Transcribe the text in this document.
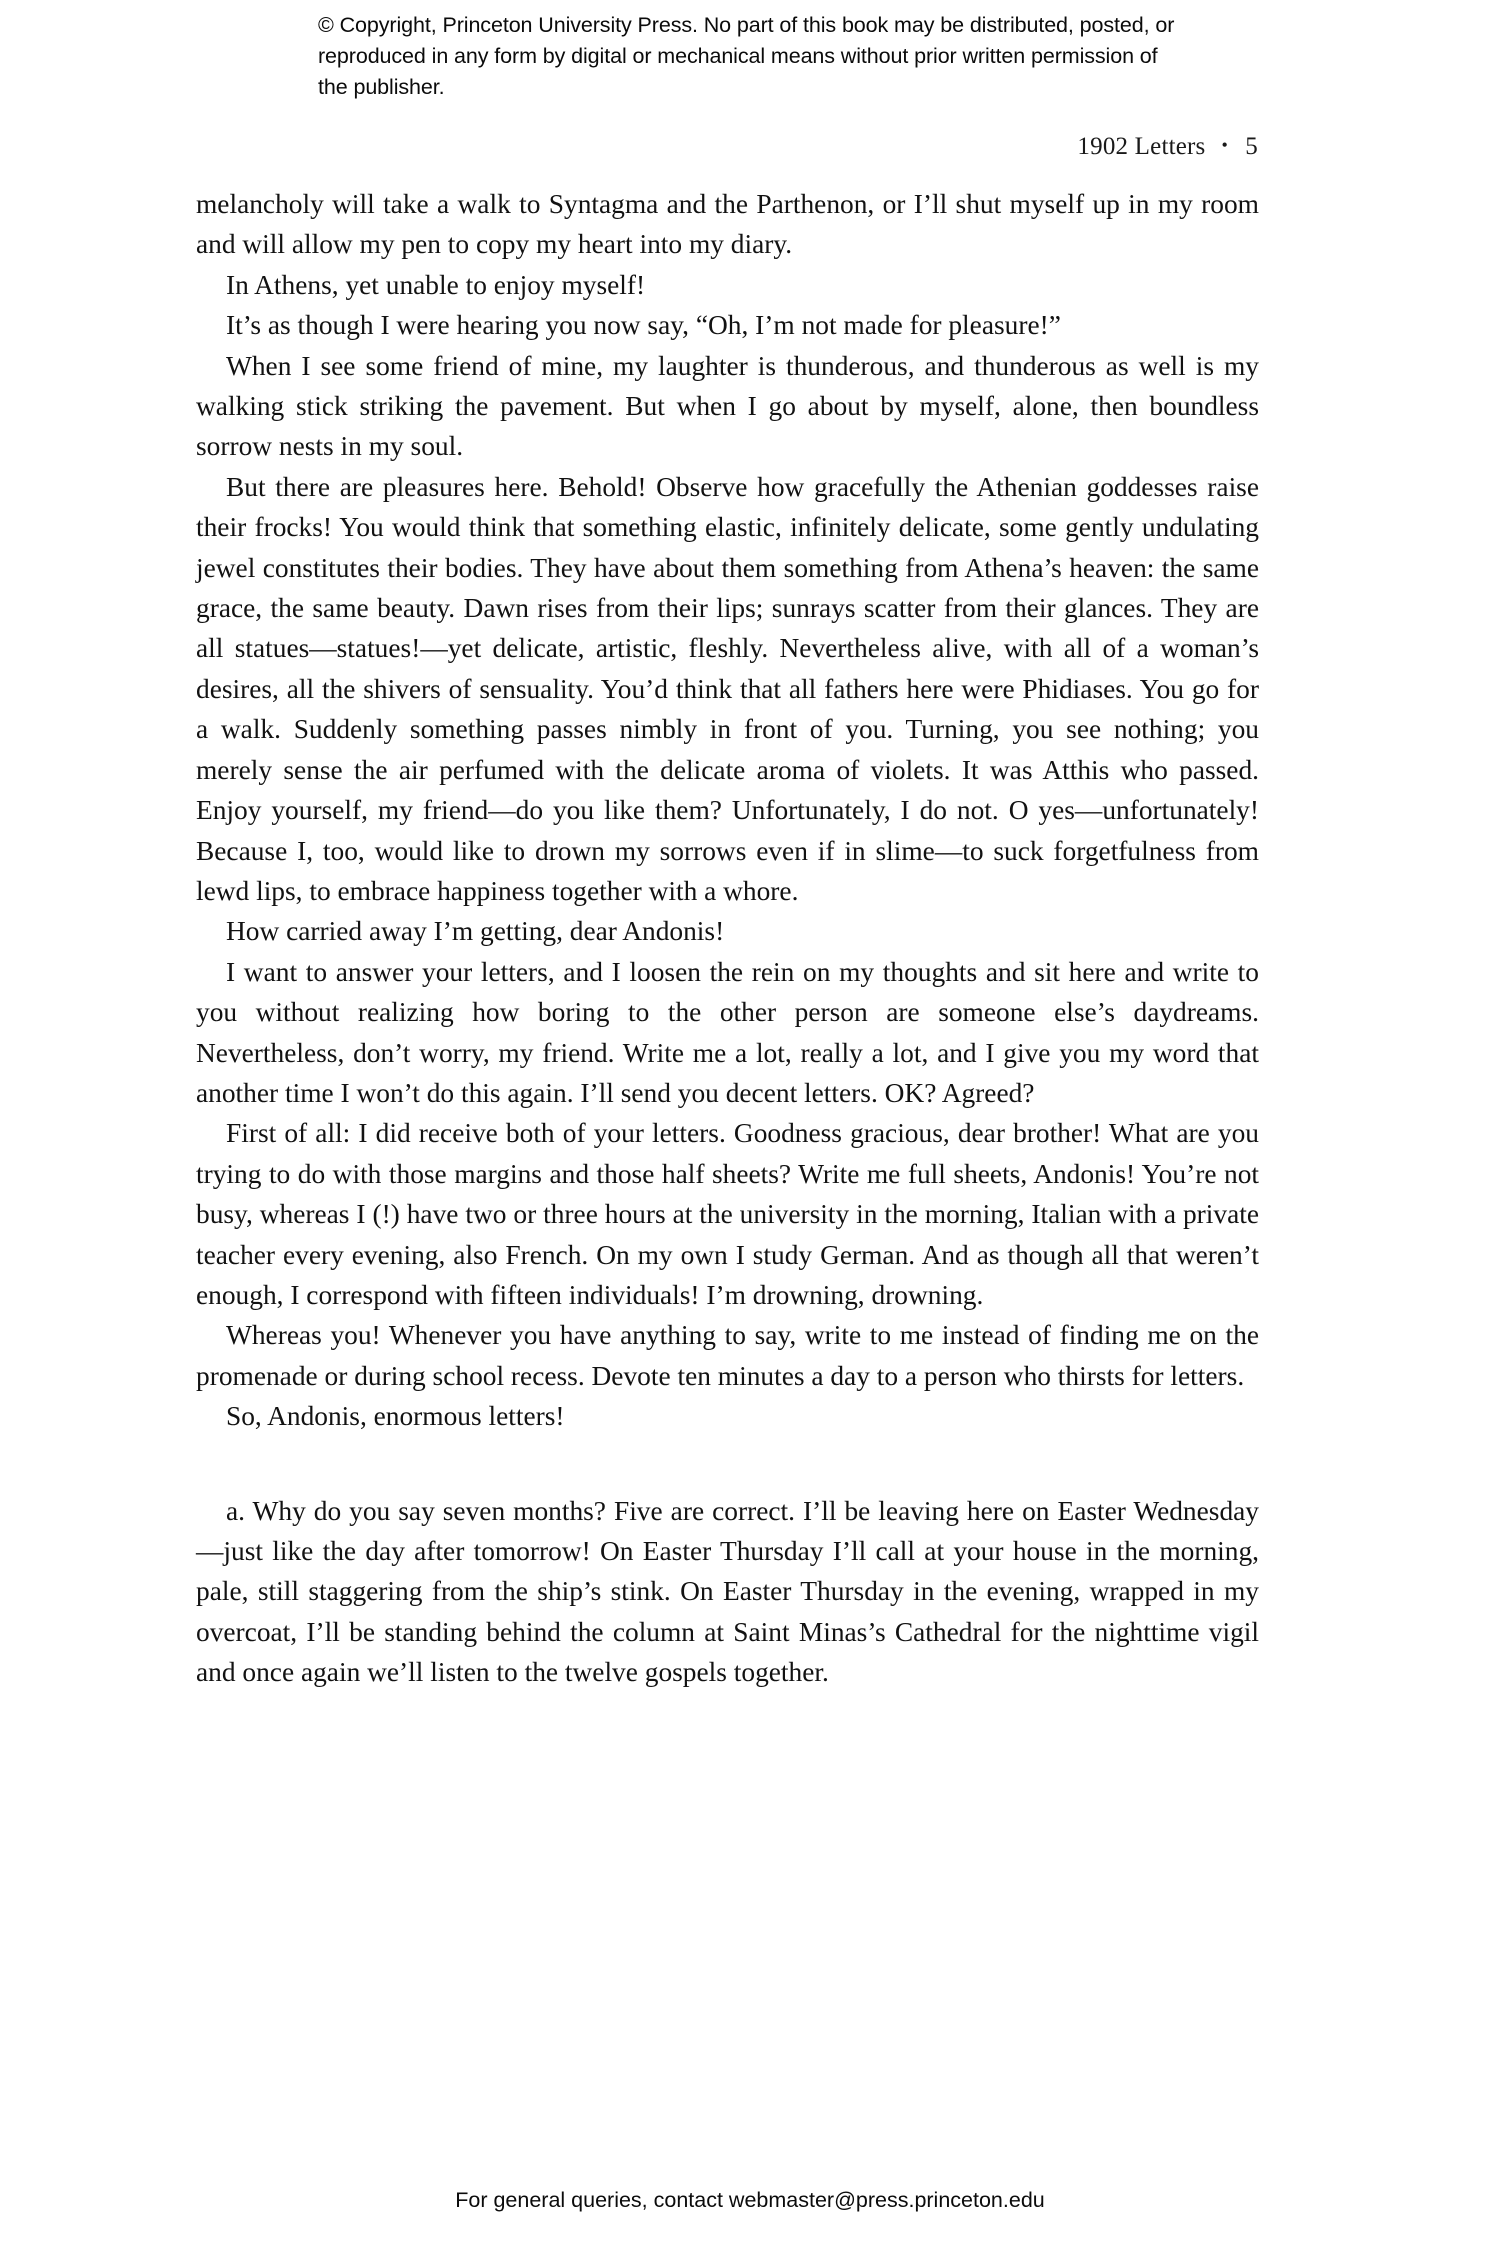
© Copyright, Princeton University Press. No part of this book may be distributed, posted, or reproduced in any form by digital or mechanical means without prior written permission of the publisher.
1902 Letters • 5

melancholy will take a walk to Syntagma and the Parthenon, or I’ll shut myself up in my room and will allow my pen to copy my heart into my diary.

In Athens, yet unable to enjoy myself!

It’s as though I were hearing you now say, “Oh, I’m not made for pleasure!”

When I see some friend of mine, my laughter is thunderous, and thunderous as well is my walking stick striking the pavement. But when I go about by myself, alone, then boundless sorrow nests in my soul.

But there are pleasures here. Behold! Observe how gracefully the Athenian goddesses raise their frocks! You would think that something elastic, infinitely delicate, some gently undulating jewel constitutes their bodies. They have about them something from Athena’s heaven: the same grace, the same beauty. Dawn rises from their lips; sunrays scatter from their glances. They are all statues—statues!—yet delicate, artistic, fleshly. Nevertheless alive, with all of a woman’s desires, all the shivers of sensuality. You’d think that all fathers here were Phidiases. You go for a walk. Suddenly something passes nimbly in front of you. Turning, you see nothing; you merely sense the air perfumed with the delicate aroma of violets. It was Atthis who passed. Enjoy yourself, my friend—do you like them? Unfortunately, I do not. O yes—unfortunately! Because I, too, would like to drown my sorrows even if in slime—to suck forgetfulness from lewd lips, to embrace happiness together with a whore.

How carried away I’m getting, dear Andonis!

I want to answer your letters, and I loosen the rein on my thoughts and sit here and write to you without realizing how boring to the other person are someone else’s daydreams. Nevertheless, don’t worry, my friend. Write me a lot, really a lot, and I give you my word that another time I won’t do this again. I’ll send you decent letters. OK? Agreed?

First of all: I did receive both of your letters. Goodness gracious, dear brother! What are you trying to do with those margins and those half sheets? Write me full sheets, Andonis! You’re not busy, whereas I (!) have two or three hours at the university in the morning, Italian with a private teacher every evening, also French. On my own I study German. And as though all that weren’t enough, I correspond with fifteen individuals! I’m drowning, drowning.

Whereas you! Whenever you have anything to say, write to me instead of finding me on the promenade or during school recess. Devote ten minutes a day to a person who thirsts for letters.

So, Andonis, enormous letters!

a. Why do you say seven months? Five are correct. I’ll be leaving here on Easter Wednesday—just like the day after tomorrow! On Easter Thursday I’ll call at your house in the morning, pale, still staggering from the ship’s stink. On Easter Thursday in the evening, wrapped in my overcoat, I’ll be standing behind the column at Saint Minas’s Cathedral for the nighttime vigil and once again we’ll listen to the twelve gospels together.

For general queries, contact webmaster@press.princeton.edu
